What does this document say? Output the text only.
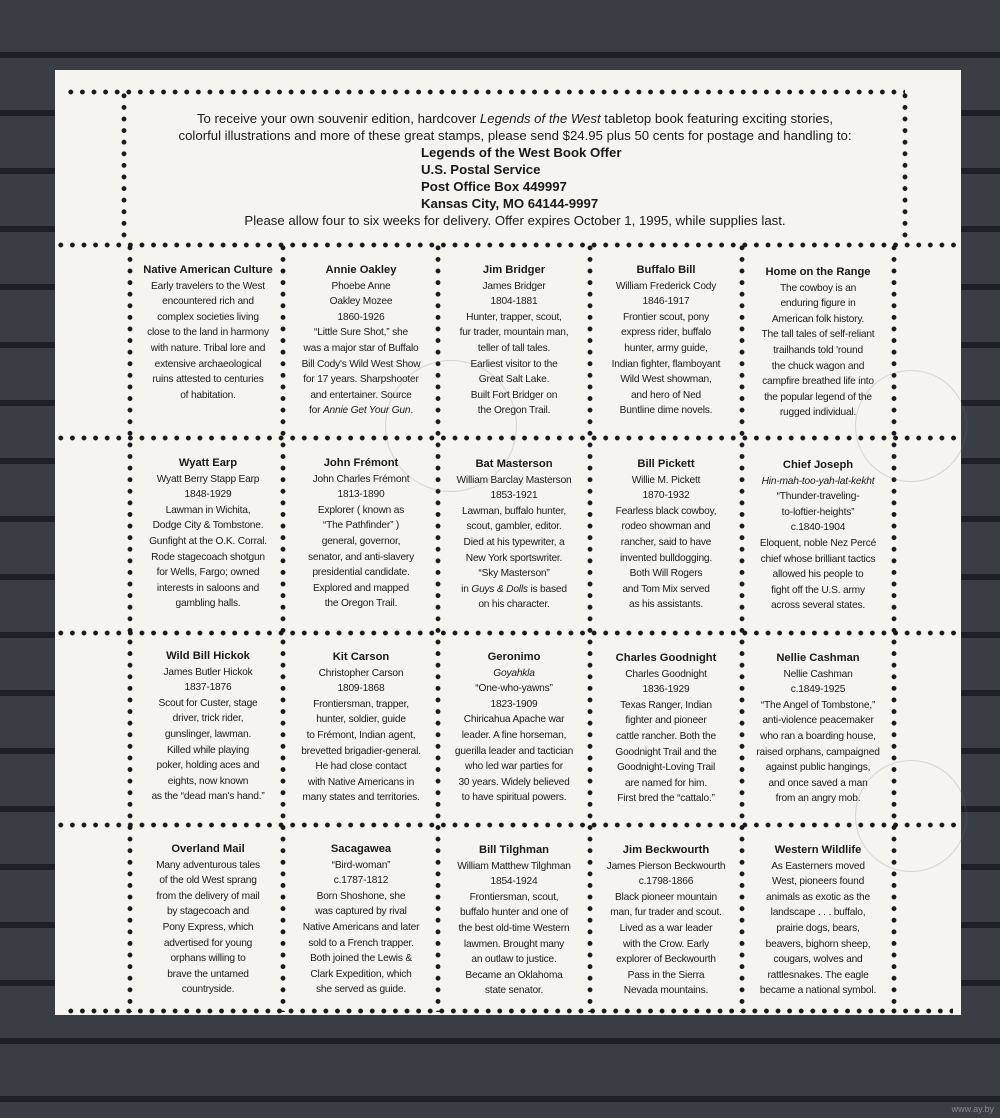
To receive your own souvenir edition, hardcover Legends of the West tabletop book featuring exciting stories,
colorful illustrations and more of these great stamps, please send $24.95 plus 50 cents for postage and handling to:
Legends of the West Book Offer
U.S. Postal Service
Post Office Box 449997
Kansas City, MO 64144-9997
Please allow four to six weeks for delivery. Offer expires October 1, 1995, while supplies last.
Native American Culture
Early travelers to the West
encountered rich and
complex societies living
close to the land in harmony
with nature. Tribal lore and
extensive archaeological
ruins attested to centuries
of habitation.
Annie Oakley
Phoebe Anne
Oakley Mozee
1860-1926
“Little Sure Shot,” she
was a major star of Buffalo
Bill Cody's Wild West Show
for 17 years. Sharpshooter
and entertainer. Source
for Annie Get Your Gun.
Jim Bridger
James Bridger
1804-1881
Hunter, trapper, scout,
fur trader, mountain man,
teller of tall tales.
Earliest visitor to the
Great Salt Lake.
Built Fort Bridger on
the Oregon Trail.
Buffalo Bill
William Frederick Cody
1846-1917
Frontier scout, pony
express rider, buffalo
hunter, army guide,
Indian fighter, flamboyant
Wild West showman,
and hero of Ned
Buntline dime novels.
Home on the Range
The cowboy is an
enduring figure in
American folk history.
The tall tales of self-reliant
trailhands told 'round
the chuck wagon and
campfire breathed life into
the popular legend of the
rugged individual.
Wyatt Earp
Wyatt Berry Stapp Earp
1848-1929
Lawman in Wichita,
Dodge City & Tombstone.
Gunfight at the O.K. Corral.
Rode stagecoach shotgun
for Wells, Fargo; owned
interests in saloons and
gambling halls.
John Frémont
John Charles Frémont
1813-1890
Explorer ( known as
“The Pathfinder” )
general, governor,
senator, and anti-slavery
presidential candidate.
Explored and mapped
the Oregon Trail.
Bat Masterson
William Barclay Masterson
1853-1921
Lawman, buffalo hunter,
scout, gambler, editor.
Died at his typewriter, a
New York sportswriter.
“Sky Masterson”
in Guys & Dolls is based
on his character.
Bill Pickett
Willie M. Pickett
1870-1932
Fearless black cowboy,
rodeo showman and
rancher, said to have
invented bulldogging.
Both Will Rogers
and Tom Mix served
as his assistants.
Chief Joseph
Hin-mah-too-yah-lat-kekht
“Thunder-traveling-
to-loftier-heights”
c.1840-1904
Eloquent, noble Nez Percé
chief whose brilliant tactics
allowed his people to
fight off the U.S. army
across several states.
Wild Bill Hickok
James Butler Hickok
1837-1876
Scout for Custer, stage
driver, trick rider,
gunslinger, lawman.
Killed while playing
poker, holding aces and
eights, now known
as the “dead man's hand.”
Kit Carson
Christopher Carson
1809-1868
Frontiersman, trapper,
hunter, soldier, guide
to Frémont, Indian agent,
brevetted brigadier-general.
He had close contact
with Native Americans in
many states and territories.
Geronimo
Goyahkla
“One-who-yawns”
1823-1909
Chiricahua Apache war
leader. A fine horseman,
guerilla leader and tactician
who led war parties for
30 years. Widely believed
to have spiritual powers.
Charles Goodnight
Charles Goodnight
1836-1929
Texas Ranger, Indian
fighter and pioneer
cattle rancher. Both the
Goodnight Trail and the
Goodnight-Loving Trail
are named for him.
First bred the “cattalo.”
Nellie Cashman
Nellie Cashman
c.1849-1925
“The Angel of Tombstone,”
anti-violence peacemaker
who ran a boarding house,
raised orphans, campaigned
against public hangings,
and once saved a man
from an angry mob.
Overland Mail
Many adventurous tales
of the old West sprang
from the delivery of mail
by stagecoach and
Pony Express, which
advertised for young
orphans willing to
brave the untamed
countryside.
Sacagawea
“Bird-woman”
c.1787-1812
Born Shoshone, she
was captured by rival
Native Americans and later
sold to a French trapper.
Both joined the Lewis &
Clark Expedition, which
she served as guide.
Bill Tilghman
William Matthew Tilghman
1854-1924
Frontiersman, scout,
buffalo hunter and one of
the best old-time Western
lawmen. Brought many
an outlaw to justice.
Became an Oklahoma
state senator.
Jim Beckwourth
James Pierson Beckwourth
c.1798-1866
Black pioneer mountain
man, fur trader and scout.
Lived as a war leader
with the Crow. Early
explorer of Beckwourth
Pass in the Sierra
Nevada mountains.
Western Wildlife
As Easterners moved
West, pioneers found
animals as exotic as the
landscape . . . buffalo,
prairie dogs, bears,
beavers, bighorn sheep,
cougars, wolves and
rattlesnakes. The eagle
became a national symbol.
www.ay.by
